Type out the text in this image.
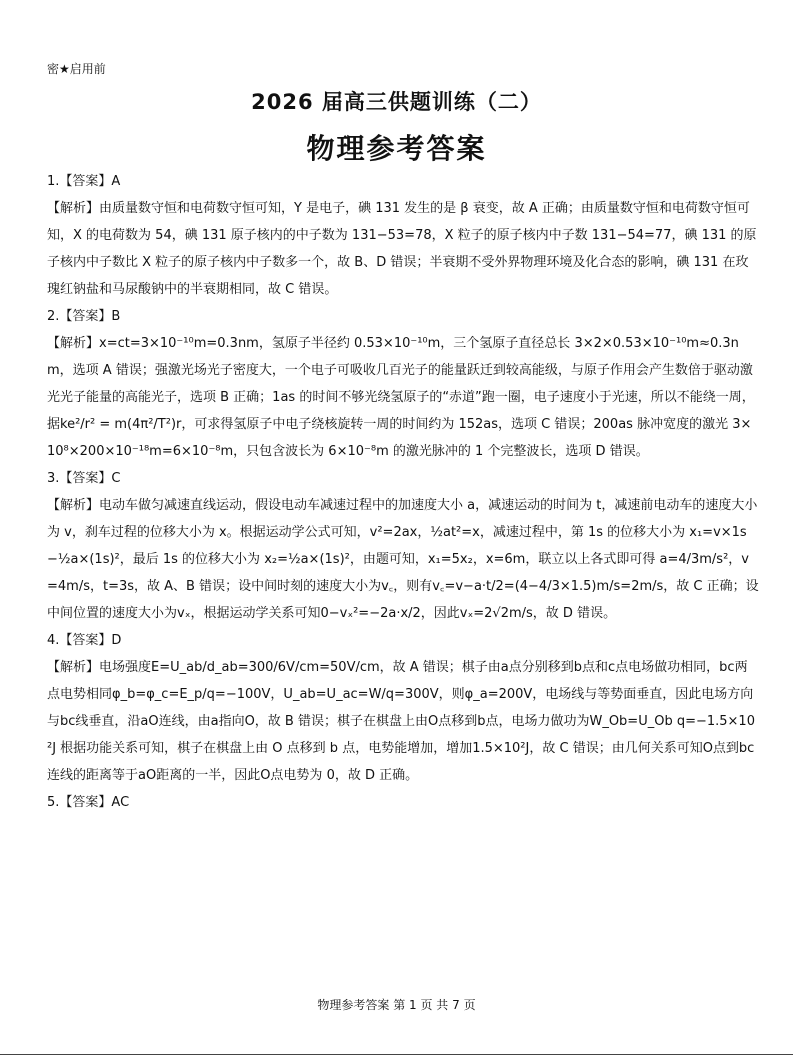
密★启用前
2026 届高三供题训练（二）
物理参考答案

1.【答案】A

【解析】由质量数守恒和电荷数守恒可知，Y 是电子，碘 131 发生的是 β 衰变，故 A 正确；由质量数守恒和电荷数守恒可知，X 的电荷数为 54，碘 131 原子核内的中子数为 131−53=78，X 粒子的原子核内中子数 131−54=77，碘 131 的原子核内中子数比 X 粒子的原子核内中子数多一个，故 B、D 错误；半衰期不受外界物理环境及化合态的影响，碘 131 在玫瑰红钠盐和马尿酸钠中的半衰期相同，故 C 错误。

2.【答案】B

【解析】x=ct=3×10⁻¹⁰m=0.3nm，氢原子半径约 0.53×10⁻¹⁰m，三个氢原子直径总长 3×2×0.53×10⁻¹⁰m≈0.3nm，选项 A 错误；强激光场光子密度大，一个电子可吸收几百光子的能量跃迁到较高能级，与原子作用会产生数倍于驱动激光光子能量的高能光子，选项 B 正确；1as 的时间不够光绕氢原子的“赤道”跑一圈，电子速度小于光速，所以不能绕一周，据ke²/r² = m(4π²/T²)r，可求得氢原子中电子绕核旋转一周的时间约为 152as，选项 C 错误；200as 脉冲宽度的激光 3×10⁸×200×10⁻¹⁸m=6×10⁻⁸m，只包含波长为 6×10⁻⁸m 的激光脉冲的 1 个完整波长，选项 D 错误。

3.【答案】C

【解析】电动车做匀减速直线运动，假设电动车减速过程中的加速度大小 a，减速运动的时间为 t，减速前电动车的速度大小为 v，刹车过程的位移大小为 x。根据运动学公式可知，v²=2ax，½at²=x，减速过程中，第 1s 的位移大小为 x₁=v×1s−½a×(1s)²，最后 1s 的位移大小为 x₂=½a×(1s)²，由题可知，x₁=5x₂，x=6m，联立以上各式即可得 a=4/3m/s²，v=4m/s，t=3s，故 A、B 错误；设中间时刻的速度大小为v꜀，则有v꜀=v−a·t/2=(4−4/3×1.5)m/s=2m/s，故 C 正确；设中间位置的速度大小为vₓ，根据运动学关系可知0−vₓ²=−2a·x/2，因此vₓ=2√2m/s，故 D 错误。

4.【答案】D

【解析】电场强度E=U_ab/d_ab=300/6V/cm=50V/cm，故 A 错误；棋子由a点分别移到b点和c点电场做功相同，bc两点电势相同φ_b=φ_c=E_p/q=−100V，U_ab=U_ac=W/q=300V，则φ_a=200V，电场线与等势面垂直，因此电场方向与bc线垂直，沿aO连线，由a指向O，故 B 错误；棋子在棋盘上由O点移到b点，电场力做功为W_Ob=U_Ob q=−1.5×10²J 根据功能关系可知，棋子在棋盘上由 O 点移到 b 点，电势能增加，增加1.5×10²J，故 C 错误；由几何关系可知O点到bc连线的距离等于aO距离的一半，因此O点电势为 0，故 D 正确。

5.【答案】AC

物理参考答案 第 1 页 共 7 页
